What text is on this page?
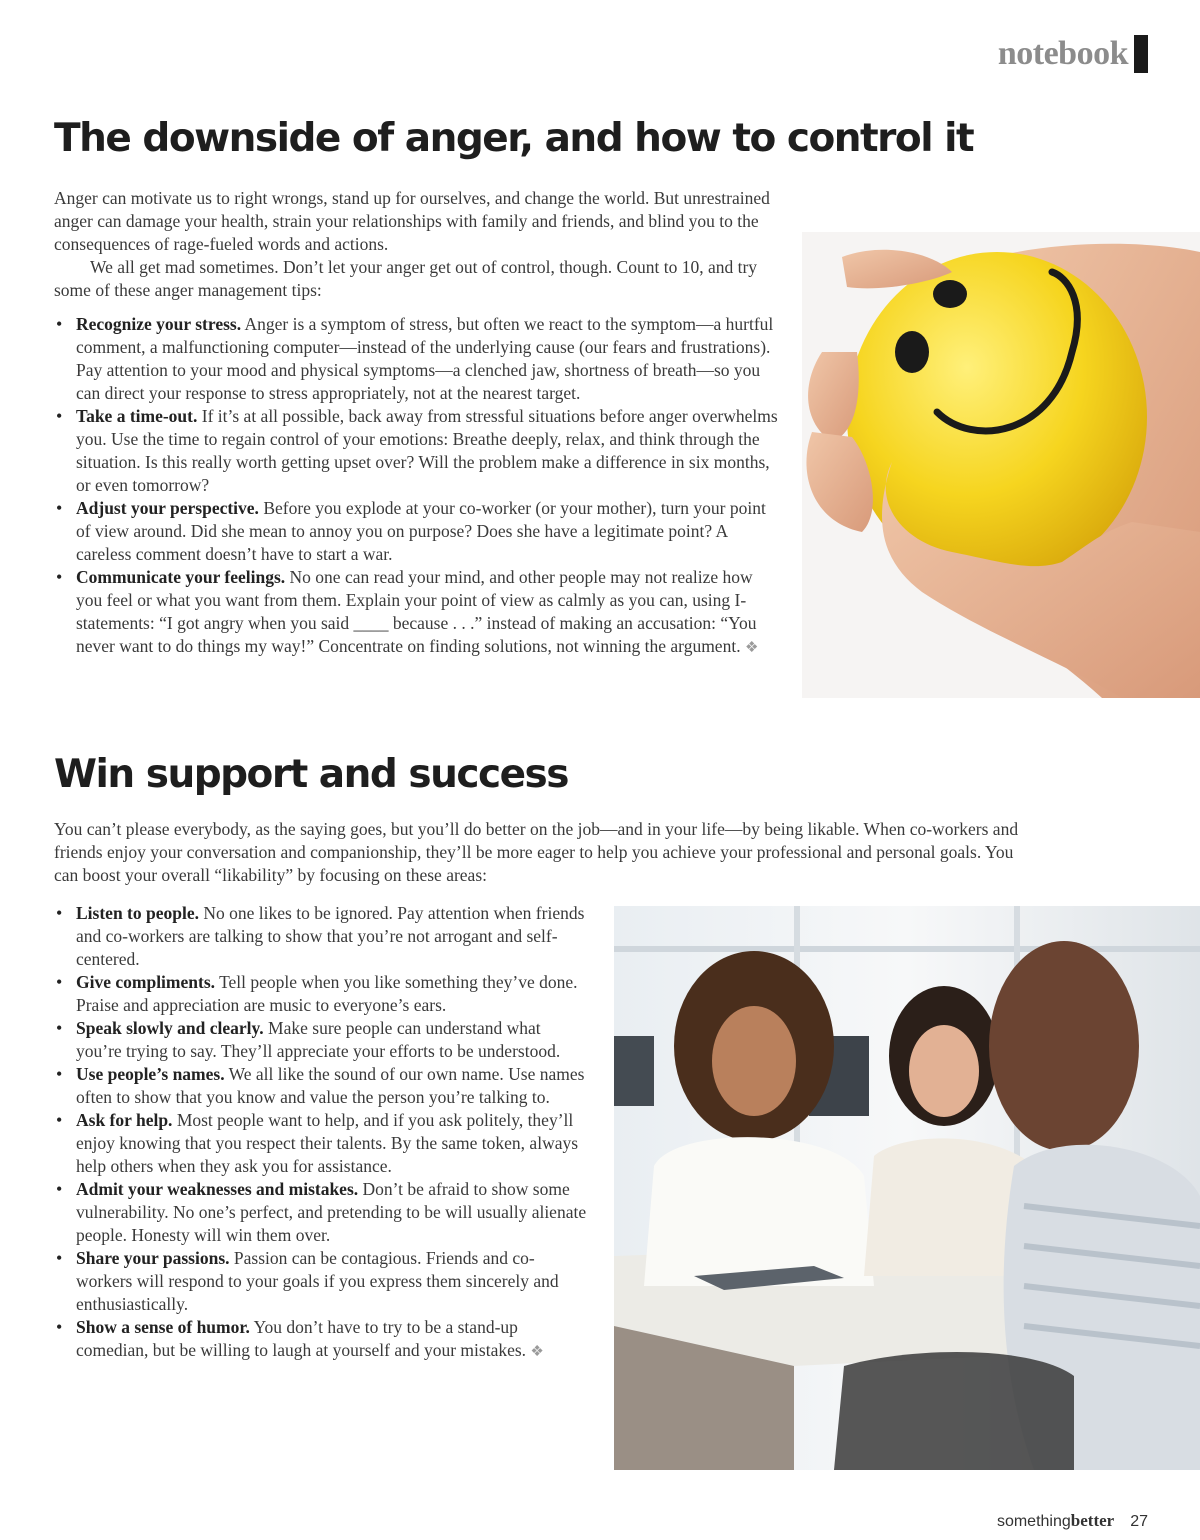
notebook
The downside of anger, and how to control it

Anger can motivate us to right wrongs, stand up for ourselves, and change the world. But unrestrained anger can damage your health, strain your relationships with family and friends, and blind you to the consequences of rage-fueled words and actions.

We all get mad sometimes. Don’t let your anger get out of control, though. Count to 10, and try some of these anger management tips:

• Recognize your stress. Anger is a symptom of stress, but often we react to the symptom—a hurtful comment, a malfunctioning computer—instead of the underlying cause (our fears and frustrations). Pay attention to your mood and physical symptoms—a clenched jaw, shortness of breath—so you can direct your response to stress appropriately, not at the nearest target.
• Take a time-out. If it’s at all possible, back away from stressful situations before anger overwhelms you. Use the time to regain control of your emotions: Breathe deeply, relax, and think through the situation. Is this really worth getting upset over? Will the problem make a difference in six months, or even tomorrow?
• Adjust your perspective. Before you explode at your co-worker (or your mother), turn your point of view around. Did she mean to annoy you on purpose? Does she have a legitimate point? A careless comment doesn’t have to start a war.
• Communicate your feelings. No one can read your mind, and other people may not realize how you feel or what you want from them. Explain your point of view as calmly as you can, using I-statements: “I got angry when you said ____ because . . .” instead of making an accusation: “You never want to do things my way!” Concentrate on finding solutions, not winning the argument. ❖
Win support and success

You can’t please everybody, as the saying goes, but you’ll do better on the job—and in your life—by being likable. When co-workers and friends enjoy your conversation and companionship, they’ll be more eager to help you achieve your professional and personal goals. You can boost your overall “likability” by focusing on these areas:

• Listen to people. No one likes to be ignored. Pay attention when friends and co-workers are talking to show that you’re not arrogant and self-centered.
• Give compliments. Tell people when you like something they’ve done. Praise and appreciation are music to everyone’s ears.
• Speak slowly and clearly. Make sure people can understand what you’re trying to say. They’ll appreciate your efforts to be understood.
• Use people’s names. We all like the sound of our own name. Use names often to show that you know and value the person you’re talking to.
• Ask for help. Most people want to help, and if you ask politely, they’ll enjoy knowing that you respect their talents. By the same token, always help others when they ask you for assistance.
• Admit your weaknesses and mistakes. Don’t be afraid to show some vulnerability. No one’s perfect, and pretending to be will usually alienate people. Honesty will win them over.
• Share your passions. Passion can be contagious. Friends and co-workers will respond to your goals if you express them sincerely and enthusiastically.
• Show a sense of humor. You don’t have to try to be a stand-up comedian, but be willing to laugh at yourself and your mistakes. ❖
something better 27
